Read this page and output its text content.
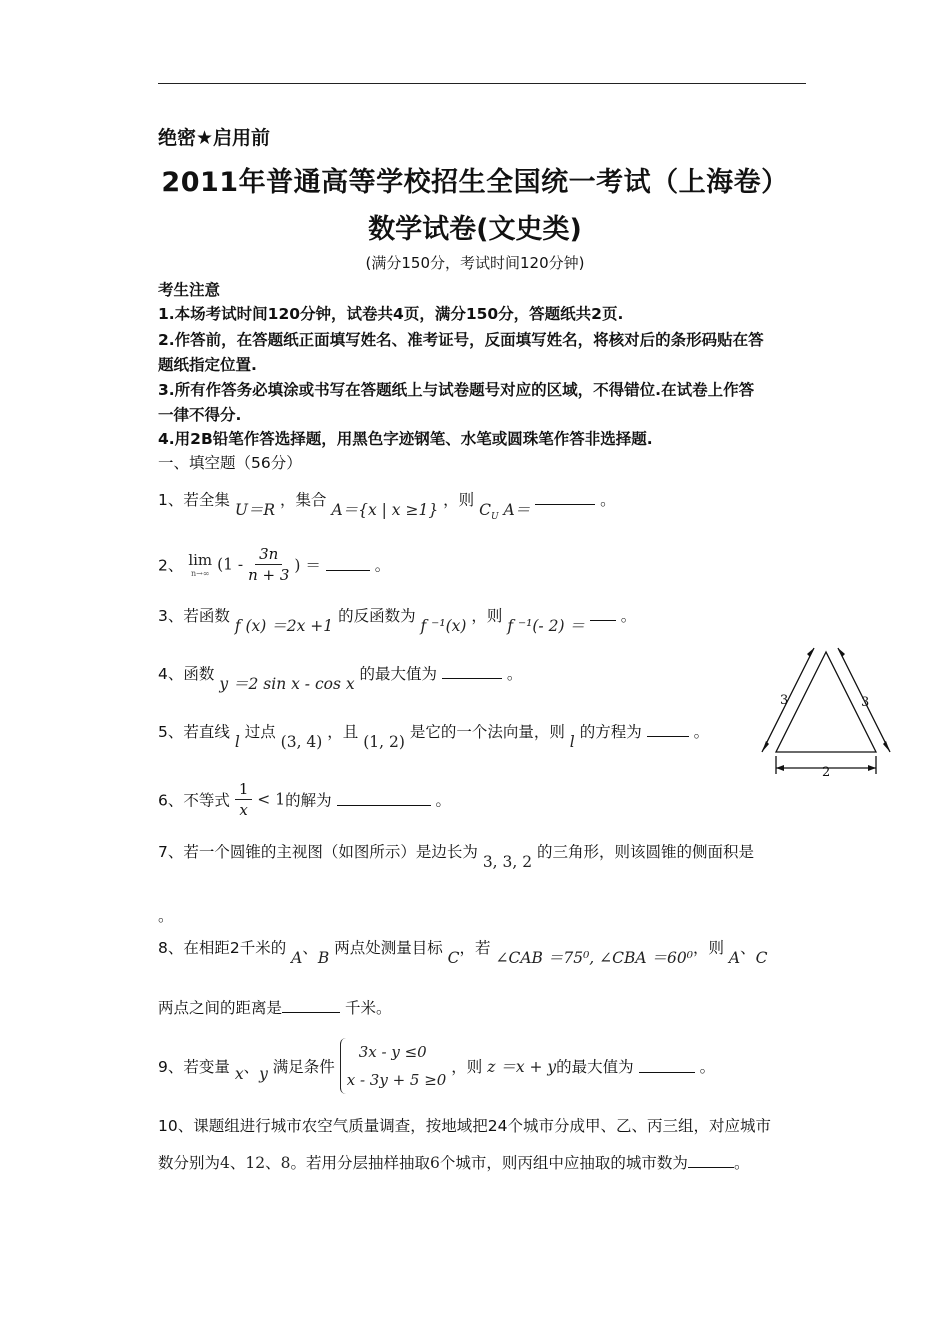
绝密★启用前
2011年普通高等学校招生全国统一考试（上海卷）
数学试卷(文史类)
(满分150分，考试时间120分钟)
考生注意
1.本场考试时间120分钟，试卷共4页，满分150分，答题纸共2页.
2.作答前，在答题纸正面填写姓名、准考证号，反面填写姓名，将核对后的条形码贴在答
题纸指定位置.
3.所有作答务必填涂或书写在答题纸上与试卷题号对应的区域，不得错位.在试卷上作答
一律不得分.
4.用2B铅笔作答选择题，用黑色字迹钢笔、水笔或圆珠笔作答非选择题.
一、填空题（56分）
1、若全集 U＝R ，集合 A＝{x | x ≥1} ，则 $C_U$ A＝  。
2、 lim
n→∞ ($1 - \frac{3n}{n + 3}$ ) ＝	。
3、若函数 f (x) ＝2x +1 的反函数为 f ⁻¹(x) ，则 f ⁻¹(- 2) ＝  。
4、函数 y ＝2 sin x - cos x 的最大值为	。
5、若直线 l 过点 (3, 4) ，且 (1, 2) 是它的一个法向量，则 l 的方程为	。
6、不等式 $\frac{1}{x} < 1$的解为	。
7、若一个圆锥的主视图（如图所示）是边长为 3, 3, 2 的三角形，则该圆锥的侧面积是
。
8、在相距2千米的 A、B 两点处测量目标 C，若 ∠CAB ＝75⁰, ∠CBA ＝60⁰，则 A、C
两点之间的距离是	千米。
9、若变量 x、y 满足条件
3x - y ≤0
x - 3y + 5 ≥0
，则 z ＝x + y的最大值为	。
10、课题组进行城市农空气质量调查，按地域把24个城市分成甲、乙、丙三组，对应城市
数分别为4、12、8。若用分层抽样抽取6个城市，则丙组中应抽取的城市数为	。
3	3
2
